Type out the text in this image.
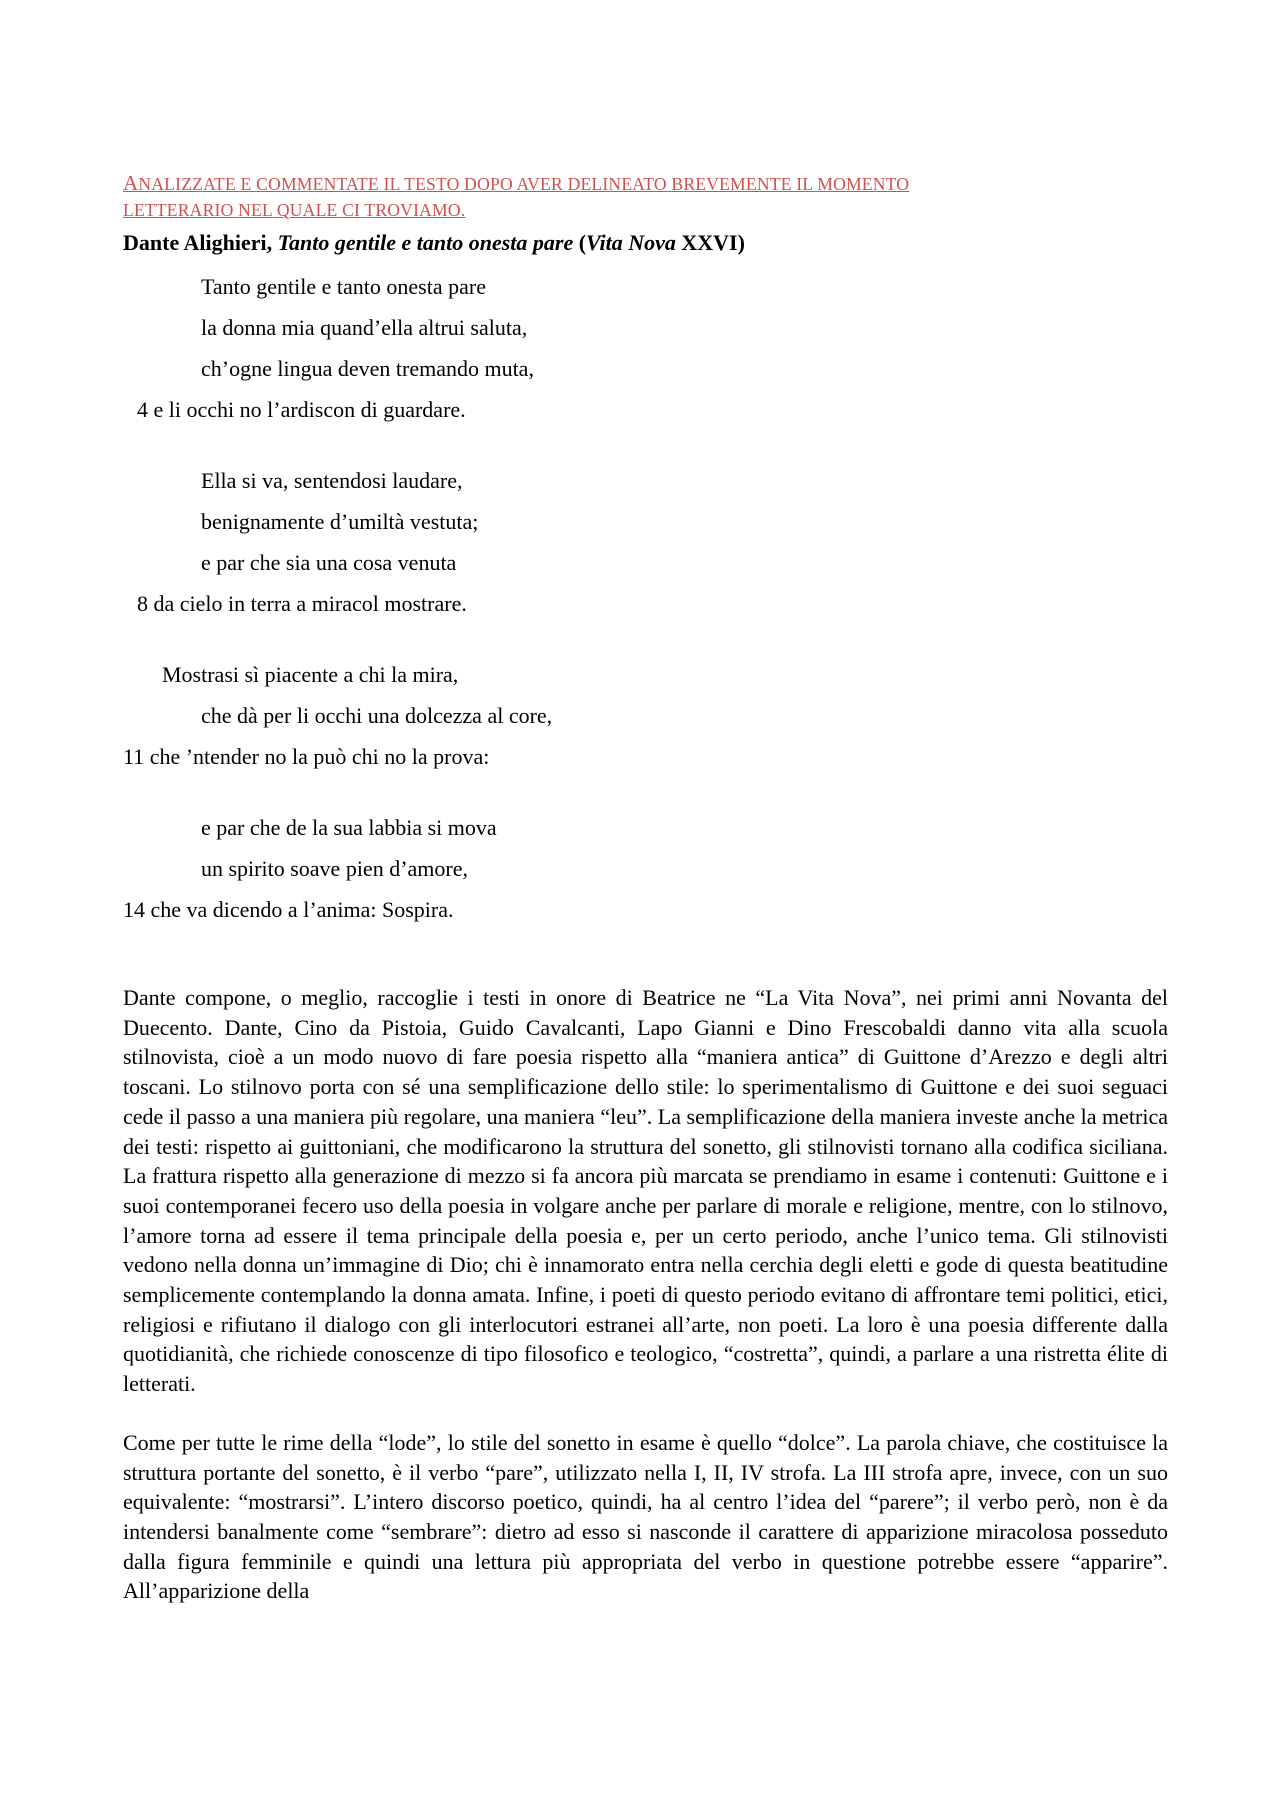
ANALIZZATE E COMMENTATE IL TESTO DOPO AVER DELINEATO BREVEMENTE IL MOMENTO
LETTERARIO NEL QUALE CI TROVIAMO.
Dante Alighieri, Tanto gentile e tanto onesta pare (Vita Nova XXVI)
Tanto gentile e tanto onesta pare
la donna mia quand’ella altrui saluta,
ch’ogne lingua deven tremando muta,
4 e li occhi no l’ardiscon di guardare.
Ella si va, sentendosi laudare,
benignamente d’umiltà vestuta;
e par che sia una cosa venuta
8 da cielo in terra a miracol mostrare.
Mostrasi sì piacente a chi la mira,
che dà per li occhi una dolcezza al core,
11 che ’ntender no la può chi no la prova:
e par che de la sua labbia si mova
un spirito soave pien d’amore,
14 che va dicendo a l’anima: Sospira.

Dante compone, o meglio, raccoglie i testi in onore di Beatrice ne “La Vita Nova”, nei primi anni Novanta del Duecento. Dante, Cino da Pistoia, Guido Cavalcanti, Lapo Gianni e Dino Frescobaldi danno vita alla scuola stilnovista, cioè a un modo nuovo di fare poesia rispetto alla “maniera antica” di Guittone d’Arezzo e degli altri toscani. Lo stilnovo porta con sé una semplificazione dello stile: lo sperimentalismo di Guittone e dei suoi seguaci cede il passo a una maniera più regolare, una maniera “leu”. La semplificazione della maniera investe anche la metrica dei testi: rispetto ai guittoniani, che modificarono la struttura del sonetto, gli stilnovisti tornano alla codifica siciliana. La frattura rispetto alla generazione di mezzo si fa ancora più marcata se prendiamo in esame i contenuti: Guittone e i suoi contemporanei fecero uso della poesia in volgare anche per parlare di morale e religione, mentre, con lo stilnovo, l’amore torna ad essere il tema principale della poesia e, per un certo periodo, anche l’unico tema. Gli stilnovisti vedono nella donna un’immagine di Dio; chi è innamorato entra nella cerchia degli eletti e gode di questa beatitudine semplicemente contemplando la donna amata. Infine, i poeti di questo periodo evitano di affrontare temi politici, etici, religiosi e rifiutano il dialogo con gli interlocutori estranei all’arte, non poeti. La loro è una poesia differente dalla quotidianità, che richiede conoscenze di tipo filosofico e teologico, “costretta”, quindi, a parlare a una ristretta élite di letterati.

Come per tutte le rime della “lode”, lo stile del sonetto in esame è quello “dolce”. La parola chiave, che costituisce la struttura portante del sonetto, è il verbo “pare”, utilizzato nella I, II, IV strofa. La III strofa apre, invece, con un suo equivalente: “mostrarsi”. L’intero discorso poetico, quindi, ha al centro l’idea del “parere”; il verbo però, non è da intendersi banalmente come “sembrare”: dietro ad esso si nasconde il carattere di apparizione miracolosa posseduto dalla figura femminile e quindi una lettura più appropriata del verbo in questione potrebbe essere “apparire”. All’apparizione della
